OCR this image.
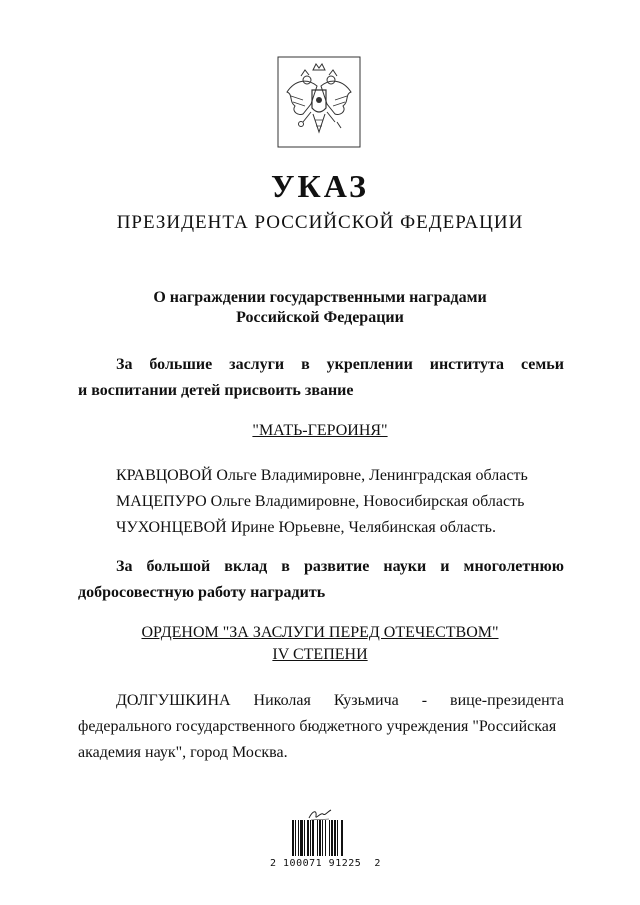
УКАЗ
ПРЕЗИДЕНТА РОССИЙСКОЙ ФЕДЕРАЦИИ
О награждении государственными наградами
Российской Федерации
За большие заслуги в укреплении института семьи
и воспитании детей присвоить звание
"МАТЬ-ГЕРОИНЯ"
КРАВЦОВОЙ Ольге Владимировне, Ленинградская область
МАЦЕПУРО Ольге Владимировне, Новосибирская область
ЧУХОНЦЕВОЙ Ирине Юрьевне, Челябинская область.
За большой вклад в развитие науки и многолетнюю
добросовестную работу наградить
ОРДЕНОМ "ЗА ЗАСЛУГИ ПЕРЕД ОТЕЧЕСТВОМ"
IV СТЕПЕНИ
ДОЛГУШКИНА Николая Кузьмича - вице-президента
федерального государственного бюджетного учреждения "Российская
академия наук", город Москва.
2 100071 91225  2
